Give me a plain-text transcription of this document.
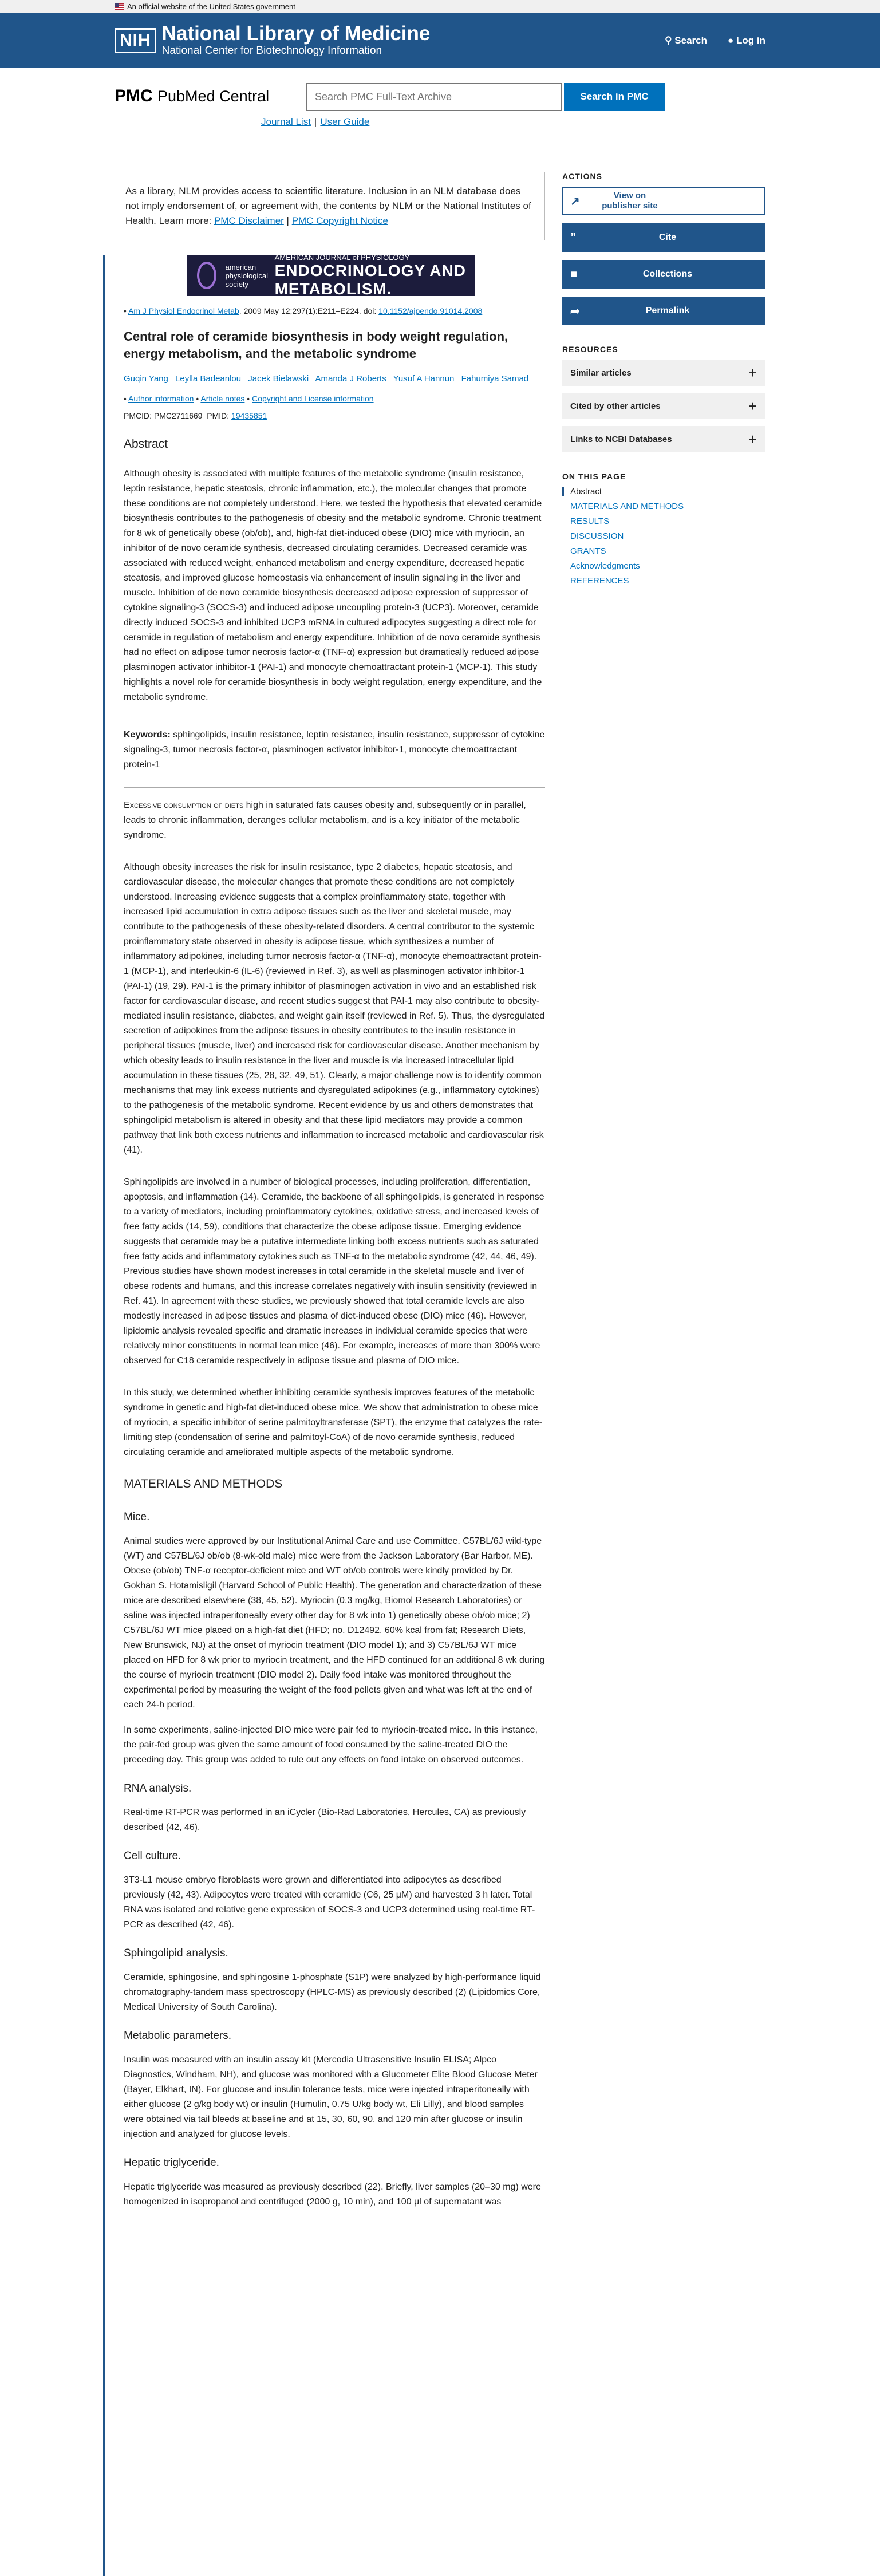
An official website of the United States government
NIH National Library of Medicine
National Center for Biotechnology Information
⚲ Search ● Log in
PMC PubMed Central
Search PMC Full-Text Archive	Search in PMC
Journal List | User Guide
As a library, NLM provides access to scientific literature. Inclusion in an NLM database does not imply endorsement of, or agreement with, the contents by NLM or the National Institutes of Health. Learn more: PMC Disclaimer | PMC Copyright Notice
american physiological society
AMERICAN JOURNAL of PHYSIOLOGY
ENDOCRINOLOGY AND METABOLISM.
• Am J Physiol Endocrinol Metab. 2009 May 12;297(1):E211–E224. doi: 10.1152/ajpendo.91014.2008
Central role of ceramide biosynthesis in body weight regulation, energy metabolism, and the metabolic syndrome
Guqin Yang Leylla Badeanlou Jacek Bielawski Amanda J Roberts Yusuf A Hannun Fahumiya Samad
• Author information • Article notes • Copyright and License information
PMCID: PMC2711669 PMID: 19435851
Abstract

Although obesity is associated with multiple features of the metabolic syndrome (insulin resistance, leptin resistance, hepatic steatosis, chronic inflammation, etc.), the molecular changes that promote these conditions are not completely understood. Here, we tested the hypothesis that elevated ceramide biosynthesis contributes to the pathogenesis of obesity and the metabolic syndrome. Chronic treatment for 8 wk of genetically obese (ob/ob), and, high-fat diet-induced obese (DIO) mice with myriocin, an inhibitor of de novo ceramide synthesis, decreased circulating ceramides. Decreased ceramide was associated with reduced weight, enhanced metabolism and energy expenditure, decreased hepatic steatosis, and improved glucose homeostasis via enhancement of insulin signaling in the liver and muscle. Inhibition of de novo ceramide biosynthesis decreased adipose expression of suppressor of cytokine signaling-3 (SOCS-3) and induced adipose uncoupling protein-3 (UCP3). Moreover, ceramide directly induced SOCS-3 and inhibited UCP3 mRNA in cultured adipocytes suggesting a direct role for ceramide in regulation of metabolism and energy expenditure. Inhibition of de novo ceramide synthesis had no effect on adipose tumor necrosis factor-α (TNF-α) expression but dramatically reduced adipose plasminogen activator inhibitor-1 (PAI-1) and monocyte chemoattractant protein-1 (MCP-1). This study highlights a novel role for ceramide biosynthesis in body weight regulation, energy expenditure, and the metabolic syndrome.

Keywords: sphingolipids, insulin resistance, leptin resistance, insulin resistance, suppressor of cytokine signaling-3, tumor necrosis factor-α, plasminogen activator inhibitor-1, monocyte chemoattractant protein-1

Excessive consumption of diets high in saturated fats causes obesity and, subsequently or in parallel, leads to chronic inflammation, deranges cellular metabolism, and is a key initiator of the metabolic syndrome.

Although obesity increases the risk for insulin resistance, type 2 diabetes, hepatic steatosis, and cardiovascular disease, the molecular changes that promote these conditions are not completely understood. Increasing evidence suggests that a complex proinflammatory state, together with increased lipid accumulation in extra adipose tissues such as the liver and skeletal muscle, may contribute to the pathogenesis of these obesity-related disorders. A central contributor to the systemic proinflammatory state observed in obesity is adipose tissue, which synthesizes a number of inflammatory adipokines, including tumor necrosis factor-α (TNF-α), monocyte chemoattractant protein-1 (MCP-1), and interleukin-6 (IL-6) (reviewed in Ref. 3), as well as plasminogen activator inhibitor-1 (PAI-1) (19, 29). PAI-1 is the primary inhibitor of plasminogen activation in vivo and an established risk factor for cardiovascular disease, and recent studies suggest that PAI-1 may also contribute to obesity-mediated insulin resistance, diabetes, and weight gain itself (reviewed in Ref. 5). Thus, the dysregulated secretion of adipokines from the adipose tissues in obesity contributes to the insulin resistance in peripheral tissues (muscle, liver) and increased risk for cardiovascular disease. Another mechanism by which obesity leads to insulin resistance in the liver and muscle is via increased intracellular lipid accumulation in these tissues (25, 28, 32, 49, 51). Clearly, a major challenge now is to identify common mechanisms that may link excess nutrients and dysregulated adipokines (e.g., inflammatory cytokines) to the pathogenesis of the metabolic syndrome. Recent evidence by us and others demonstrates that sphingolipid metabolism is altered in obesity and that these lipid mediators may provide a common pathway that link both excess nutrients and inflammation to increased metabolic and cardiovascular risk (41).

Sphingolipids are involved in a number of biological processes, including proliferation, differentiation, apoptosis, and inflammation (14). Ceramide, the backbone of all sphingolipids, is generated in response to a variety of mediators, including proinflammatory cytokines, oxidative stress, and increased levels of free fatty acids (14, 59), conditions that characterize the obese adipose tissue. Emerging evidence suggests that ceramide may be a putative intermediate linking both excess nutrients such as saturated free fatty acids and inflammatory cytokines such as TNF-α to the metabolic syndrome (42, 44, 46, 49). Previous studies have shown modest increases in total ceramide in the skeletal muscle and liver of obese rodents and humans, and this increase correlates negatively with insulin sensitivity (reviewed in Ref. 41). In agreement with these studies, we previously showed that total ceramide levels are also modestly increased in adipose tissues and plasma of diet-induced obese (DIO) mice (46). However, lipidomic analysis revealed specific and dramatic increases in individual ceramide species that were relatively minor constituents in normal lean mice (46). For example, increases of more than 300% were observed for C18 ceramide respectively in adipose tissue and plasma of DIO mice.

In this study, we determined whether inhibiting ceramide synthesis improves features of the metabolic syndrome in genetic and high-fat diet-induced obese mice. We show that administration to obese mice of myriocin, a specific inhibitor of serine palmitoyltransferase (SPT), the enzyme that catalyzes the rate-limiting step (condensation of serine and palmitoyl-CoA) of de novo ceramide synthesis, reduced circulating ceramide and ameliorated multiple aspects of the metabolic syndrome.

MATERIALS AND METHODS
Mice.

Animal studies were approved by our Institutional Animal Care and use Committee. C57BL/6J wild-type (WT) and C57BL/6J ob/ob (8-wk-old male) mice were from the Jackson Laboratory (Bar Harbor, ME). Obese (ob/ob) TNF-α receptor-deficient mice and WT ob/ob controls were kindly provided by Dr. Gokhan S. Hotamisligil (Harvard School of Public Health). The generation and characterization of these mice are described elsewhere (38, 45, 52). Myriocin (0.3 mg/kg, Biomol Research Laboratories) or saline was injected intraperitoneally every other day for 8 wk into 1) genetically obese ob/ob mice; 2) C57BL/6J WT mice placed on a high-fat diet (HFD; no. D12492, 60% kcal from fat; Research Diets, New Brunswick, NJ) at the onset of myriocin treatment (DIO model 1); and 3) C57BL/6J WT mice placed on HFD for 8 wk prior to myriocin treatment, and the HFD continued for an additional 8 wk during the course of myriocin treatment (DIO model 2). Daily food intake was monitored throughout the experimental period by measuring the weight of the food pellets given and what was left at the end of each 24-h period.

In some experiments, saline-injected DIO mice were pair fed to myriocin-treated mice. In this instance, the pair-fed group was given the same amount of food consumed by the saline-treated DIO the preceding day. This group was added to rule out any effects on food intake on observed outcomes.

RNA analysis.

Real-time RT-PCR was performed in an iCycler (Bio-Rad Laboratories, Hercules, CA) as previously described (42, 46).

Cell culture.

3T3-L1 mouse embryo fibroblasts were grown and differentiated into adipocytes as described previously (42, 43). Adipocytes were treated with ceramide (C6, 25 μM) and harvested 3 h later. Total RNA was isolated and relative gene expression of SOCS-3 and UCP3 determined using real-time RT-PCR as described (42, 46).

Sphingolipid analysis.

Ceramide, sphingosine, and sphingosine 1-phosphate (S1P) were analyzed by high-performance liquid chromatography-tandem mass spectroscopy (HPLC-MS) as previously described (2) (Lipidomics Core, Medical University of South Carolina).

Metabolic parameters.

Insulin was measured with an insulin assay kit (Mercodia Ultrasensitive Insulin ELISA; Alpco Diagnostics, Windham, NH), and glucose was monitored with a Glucometer Elite Blood Glucose Meter (Bayer, Elkhart, IN). For glucose and insulin tolerance tests, mice were injected intraperitoneally with either glucose (2 g/kg body wt) or insulin (Humulin, 0.75 U/kg body wt, Eli Lilly), and blood samples were obtained via tail bleeds at baseline and at 15, 30, 60, 90, and 120 min after glucose or insulin injection and analyzed for glucose levels.

Hepatic triglyceride.

Hepatic triglyceride was measured as previously described (22). Briefly, liver samples (20–30 mg) were homogenized in isopropanol and centrifuged (2000 g, 10 min), and 100 μl of supernatant was

ACTIONS
↗	View on publisher site
”	Cite
■	Collections
➦	Permalink
RESOURCES
Similar articles	+
Cited by other articles	+
Links to NCBI Databases	+
ON THIS PAGE
Abstract
MATERIALS AND METHODS
RESULTS
DISCUSSION
GRANTS
Acknowledgments
REFERENCES
